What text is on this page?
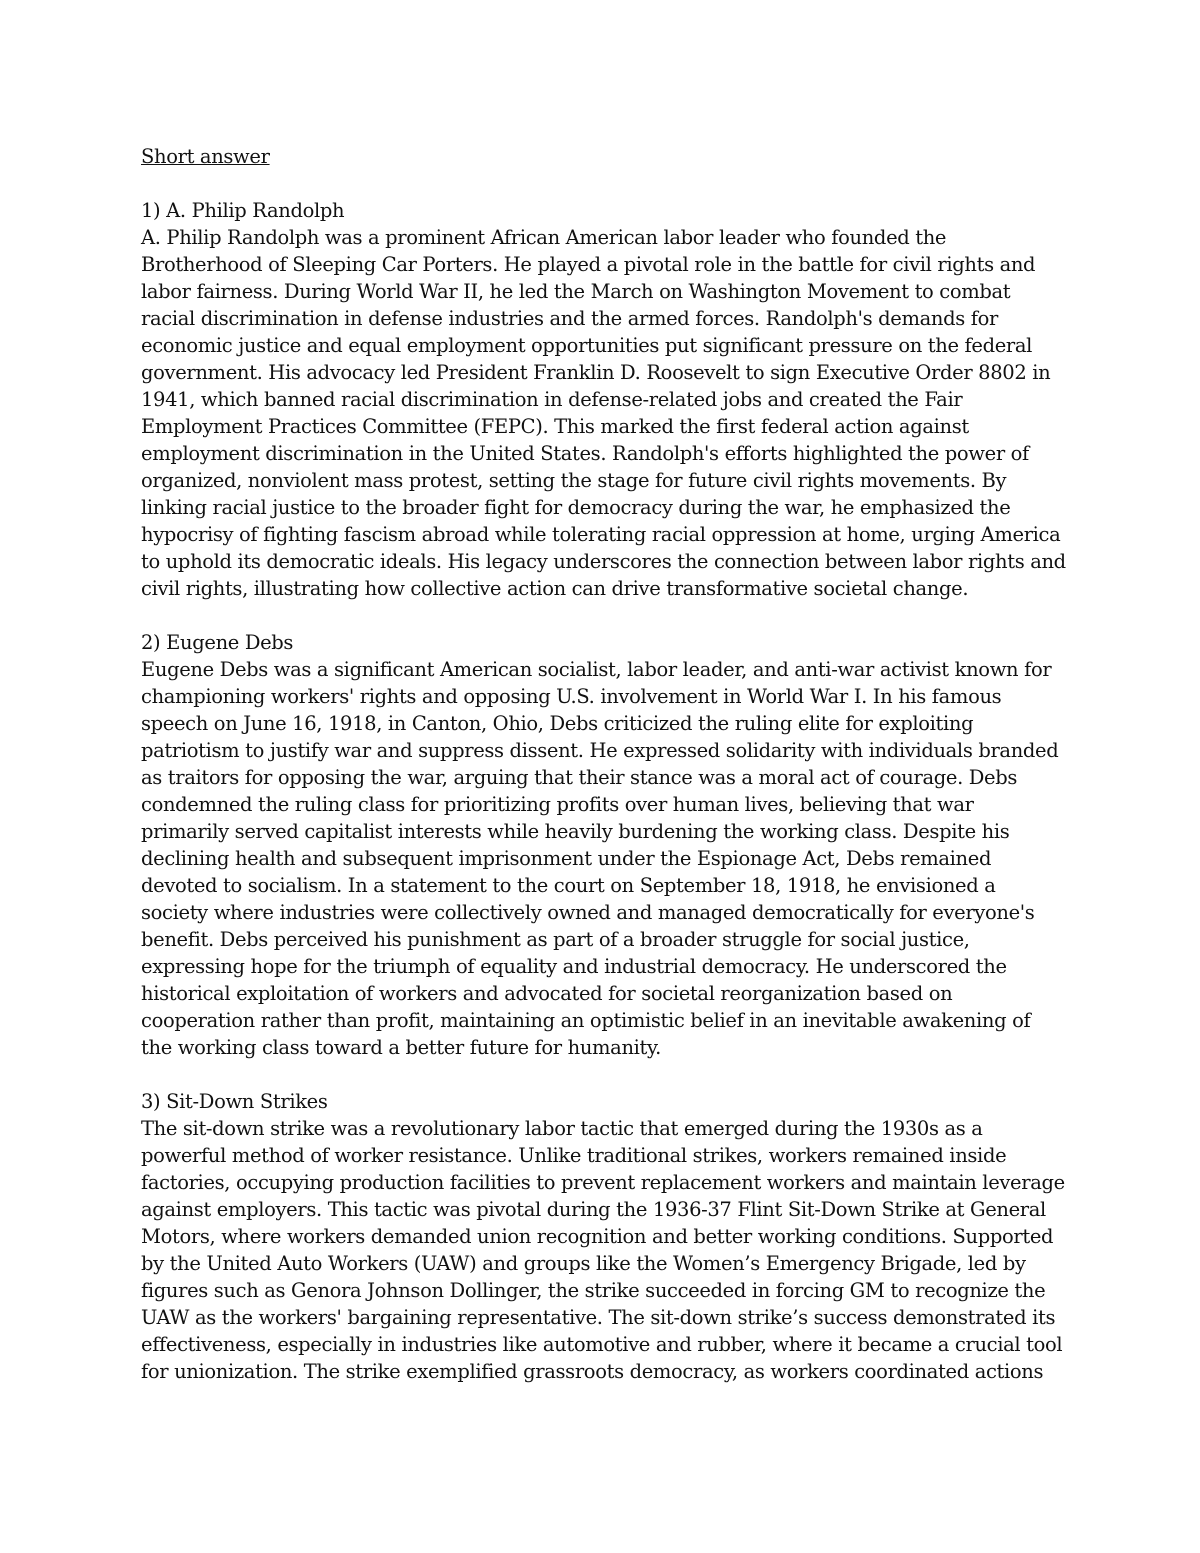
Short answer
1) A. Philip Randolph
A. Philip Randolph was a prominent African American labor leader who founded the Brotherhood of Sleeping Car Porters. He played a pivotal role in the battle for civil rights and labor fairness. During World War II, he led the March on Washington Movement to combat racial discrimination in defense industries and the armed forces. Randolph's demands for economic justice and equal employment opportunities put significant pressure on the federal government. His advocacy led President Franklin D. Roosevelt to sign Executive Order 8802 in 1941, which banned racial discrimination in defense-related jobs and created the Fair Employment Practices Committee (FEPC). This marked the first federal action against employment discrimination in the United States. Randolph's efforts highlighted the power of organized, nonviolent mass protest, setting the stage for future civil rights movements. By linking racial justice to the broader fight for democracy during the war, he emphasized the hypocrisy of fighting fascism abroad while tolerating racial oppression at home, urging America to uphold its democratic ideals. His legacy underscores the connection between labor rights and civil rights, illustrating how collective action can drive transformative societal change.
2) Eugene Debs
Eugene Debs was a significant American socialist, labor leader, and anti-war activist known for championing workers' rights and opposing U.S. involvement in World War I. In his famous speech on June 16, 1918, in Canton, Ohio, Debs criticized the ruling elite for exploiting patriotism to justify war and suppress dissent. He expressed solidarity with individuals branded as traitors for opposing the war, arguing that their stance was a moral act of courage. Debs condemned the ruling class for prioritizing profits over human lives, believing that war primarily served capitalist interests while heavily burdening the working class. Despite his declining health and subsequent imprisonment under the Espionage Act, Debs remained devoted to socialism. In a statement to the court on September 18, 1918, he envisioned a society where industries were collectively owned and managed democratically for everyone's benefit. Debs perceived his punishment as part of a broader struggle for social justice, expressing hope for the triumph of equality and industrial democracy. He underscored the historical exploitation of workers and advocated for societal reorganization based on cooperation rather than profit, maintaining an optimistic belief in an inevitable awakening of the working class toward a better future for humanity.
3) Sit-Down Strikes
The sit-down strike was a revolutionary labor tactic that emerged during the 1930s as a powerful method of worker resistance. Unlike traditional strikes, workers remained inside factories, occupying production facilities to prevent replacement workers and maintain leverage against employers. This tactic was pivotal during the 1936-37 Flint Sit-Down Strike at General Motors, where workers demanded union recognition and better working conditions. Supported by the United Auto Workers (UAW) and groups like the Women’s Emergency Brigade, led by figures such as Genora Johnson Dollinger, the strike succeeded in forcing GM to recognize the UAW as the workers' bargaining representative. The sit-down strike’s success demonstrated its effectiveness, especially in industries like automotive and rubber, where it became a crucial tool for unionization. The strike exemplified grassroots democracy, as workers coordinated actions
